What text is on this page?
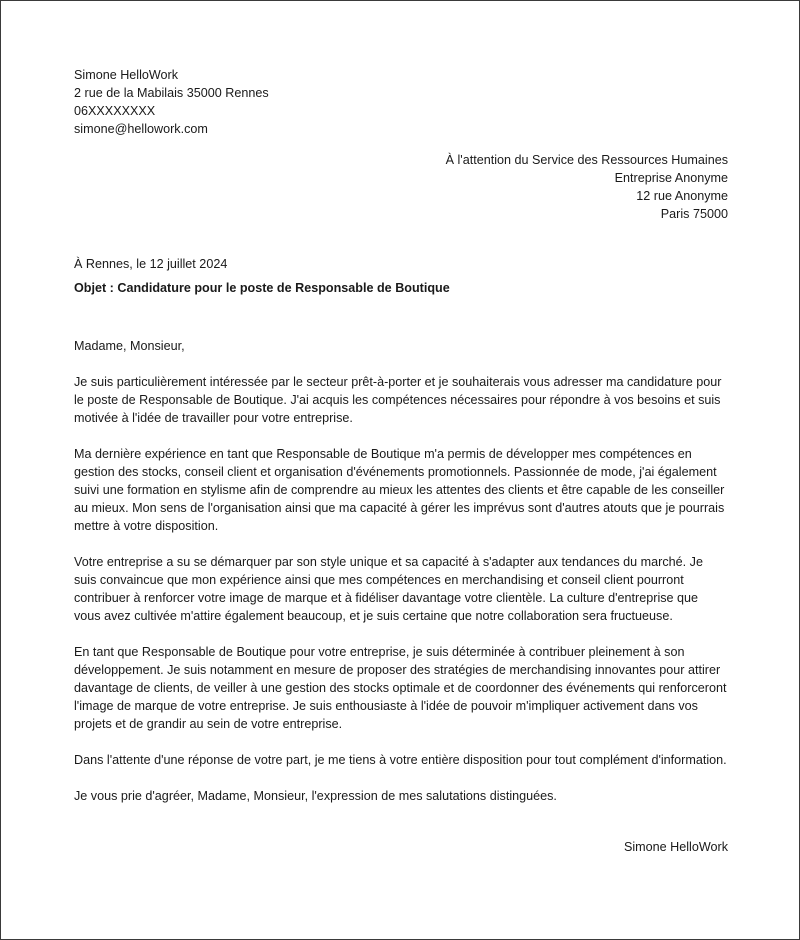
Simone HelloWork
2 rue de la Mabilais 35000 Rennes
06XXXXXXXX
simone@hellowork.com
À l'attention du Service des Ressources Humaines
Entreprise Anonyme
12 rue Anonyme
Paris 75000
À Rennes, le 12 juillet 2024
Objet : Candidature pour le poste de Responsable de Boutique
Madame, Monsieur,
Je suis particulièrement intéressée par le secteur prêt-à-porter et je souhaiterais vous adresser ma candidature pour le poste de Responsable de Boutique. J'ai acquis les compétences nécessaires pour répondre à vos besoins et suis motivée à l'idée de travailler pour votre entreprise.
Ma dernière expérience en tant que Responsable de Boutique m'a permis de développer mes compétences en gestion des stocks, conseil client et organisation d'événements promotionnels. Passionnée de mode, j'ai également suivi une formation en stylisme afin de comprendre au mieux les attentes des clients et être capable de les conseiller au mieux. Mon sens de l'organisation ainsi que ma capacité à gérer les imprévus sont d'autres atouts que je pourrais mettre à votre disposition.
Votre entreprise a su se démarquer par son style unique et sa capacité à s'adapter aux tendances du marché. Je suis convaincue que mon expérience ainsi que mes compétences en merchandising et conseil client pourront contribuer à renforcer votre image de marque et à fidéliser davantage votre clientèle. La culture d'entreprise que vous avez cultivée m'attire également beaucoup, et je suis certaine que notre collaboration sera fructueuse.
En tant que Responsable de Boutique pour votre entreprise, je suis déterminée à contribuer pleinement à son développement. Je suis notamment en mesure de proposer des stratégies de merchandising innovantes pour attirer davantage de clients, de veiller à une gestion des stocks optimale et de coordonner des événements qui renforceront l'image de marque de votre entreprise. Je suis enthousiaste à l'idée de pouvoir m'impliquer activement dans vos projets et de grandir au sein de votre entreprise.
Dans l'attente d'une réponse de votre part, je me tiens à votre entière disposition pour tout complément d'information.
Je vous prie d'agréer, Madame, Monsieur, l'expression de mes salutations distinguées.
Simone HelloWork
